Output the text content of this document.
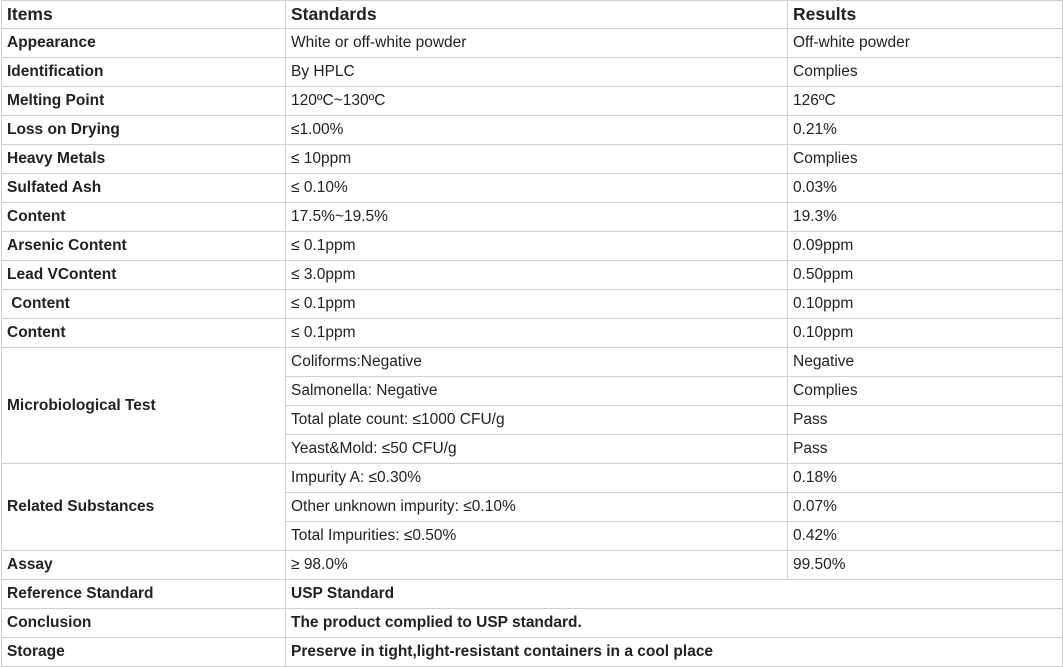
Items	Standards	Results
Appearance	White or off-white powder	Off-white powder
Identification	By HPLC	Complies
Melting Point	120ºC~130ºC	126ºC
Loss on Drying	≤1.00%	0.21%
Heavy Metals	≤ 10ppm	Complies
Sulfated Ash	≤ 0.10%	0.03%
Content	17.5%~19.5%	19.3%
Arsenic Content	≤ 0.1ppm	0.09ppm
Lead VContent	≤ 3.0ppm	0.50ppm
Content	≤ 0.1ppm	0.10ppm
Content	≤ 0.1ppm	0.10ppm
Microbiological Test	Coliforms:Negative	Negative
	Salmonella: Negative	Complies
	Total plate count: ≤1000 CFU/g	Pass
	Yeast&Mold: ≤50 CFU/g	Pass
Related Substances	Impurity A: ≤0.30%	0.18%
	Other unknown impurity: ≤0.10%	0.07%
	Total Impurities: ≤0.50%	0.42%
Assay	≥ 98.0%	99.50%
Reference Standard	USP Standard	
Conclusion	The product complied to USP standard.	
Storage	Preserve in tight,light-resistant containers in a cool place	
